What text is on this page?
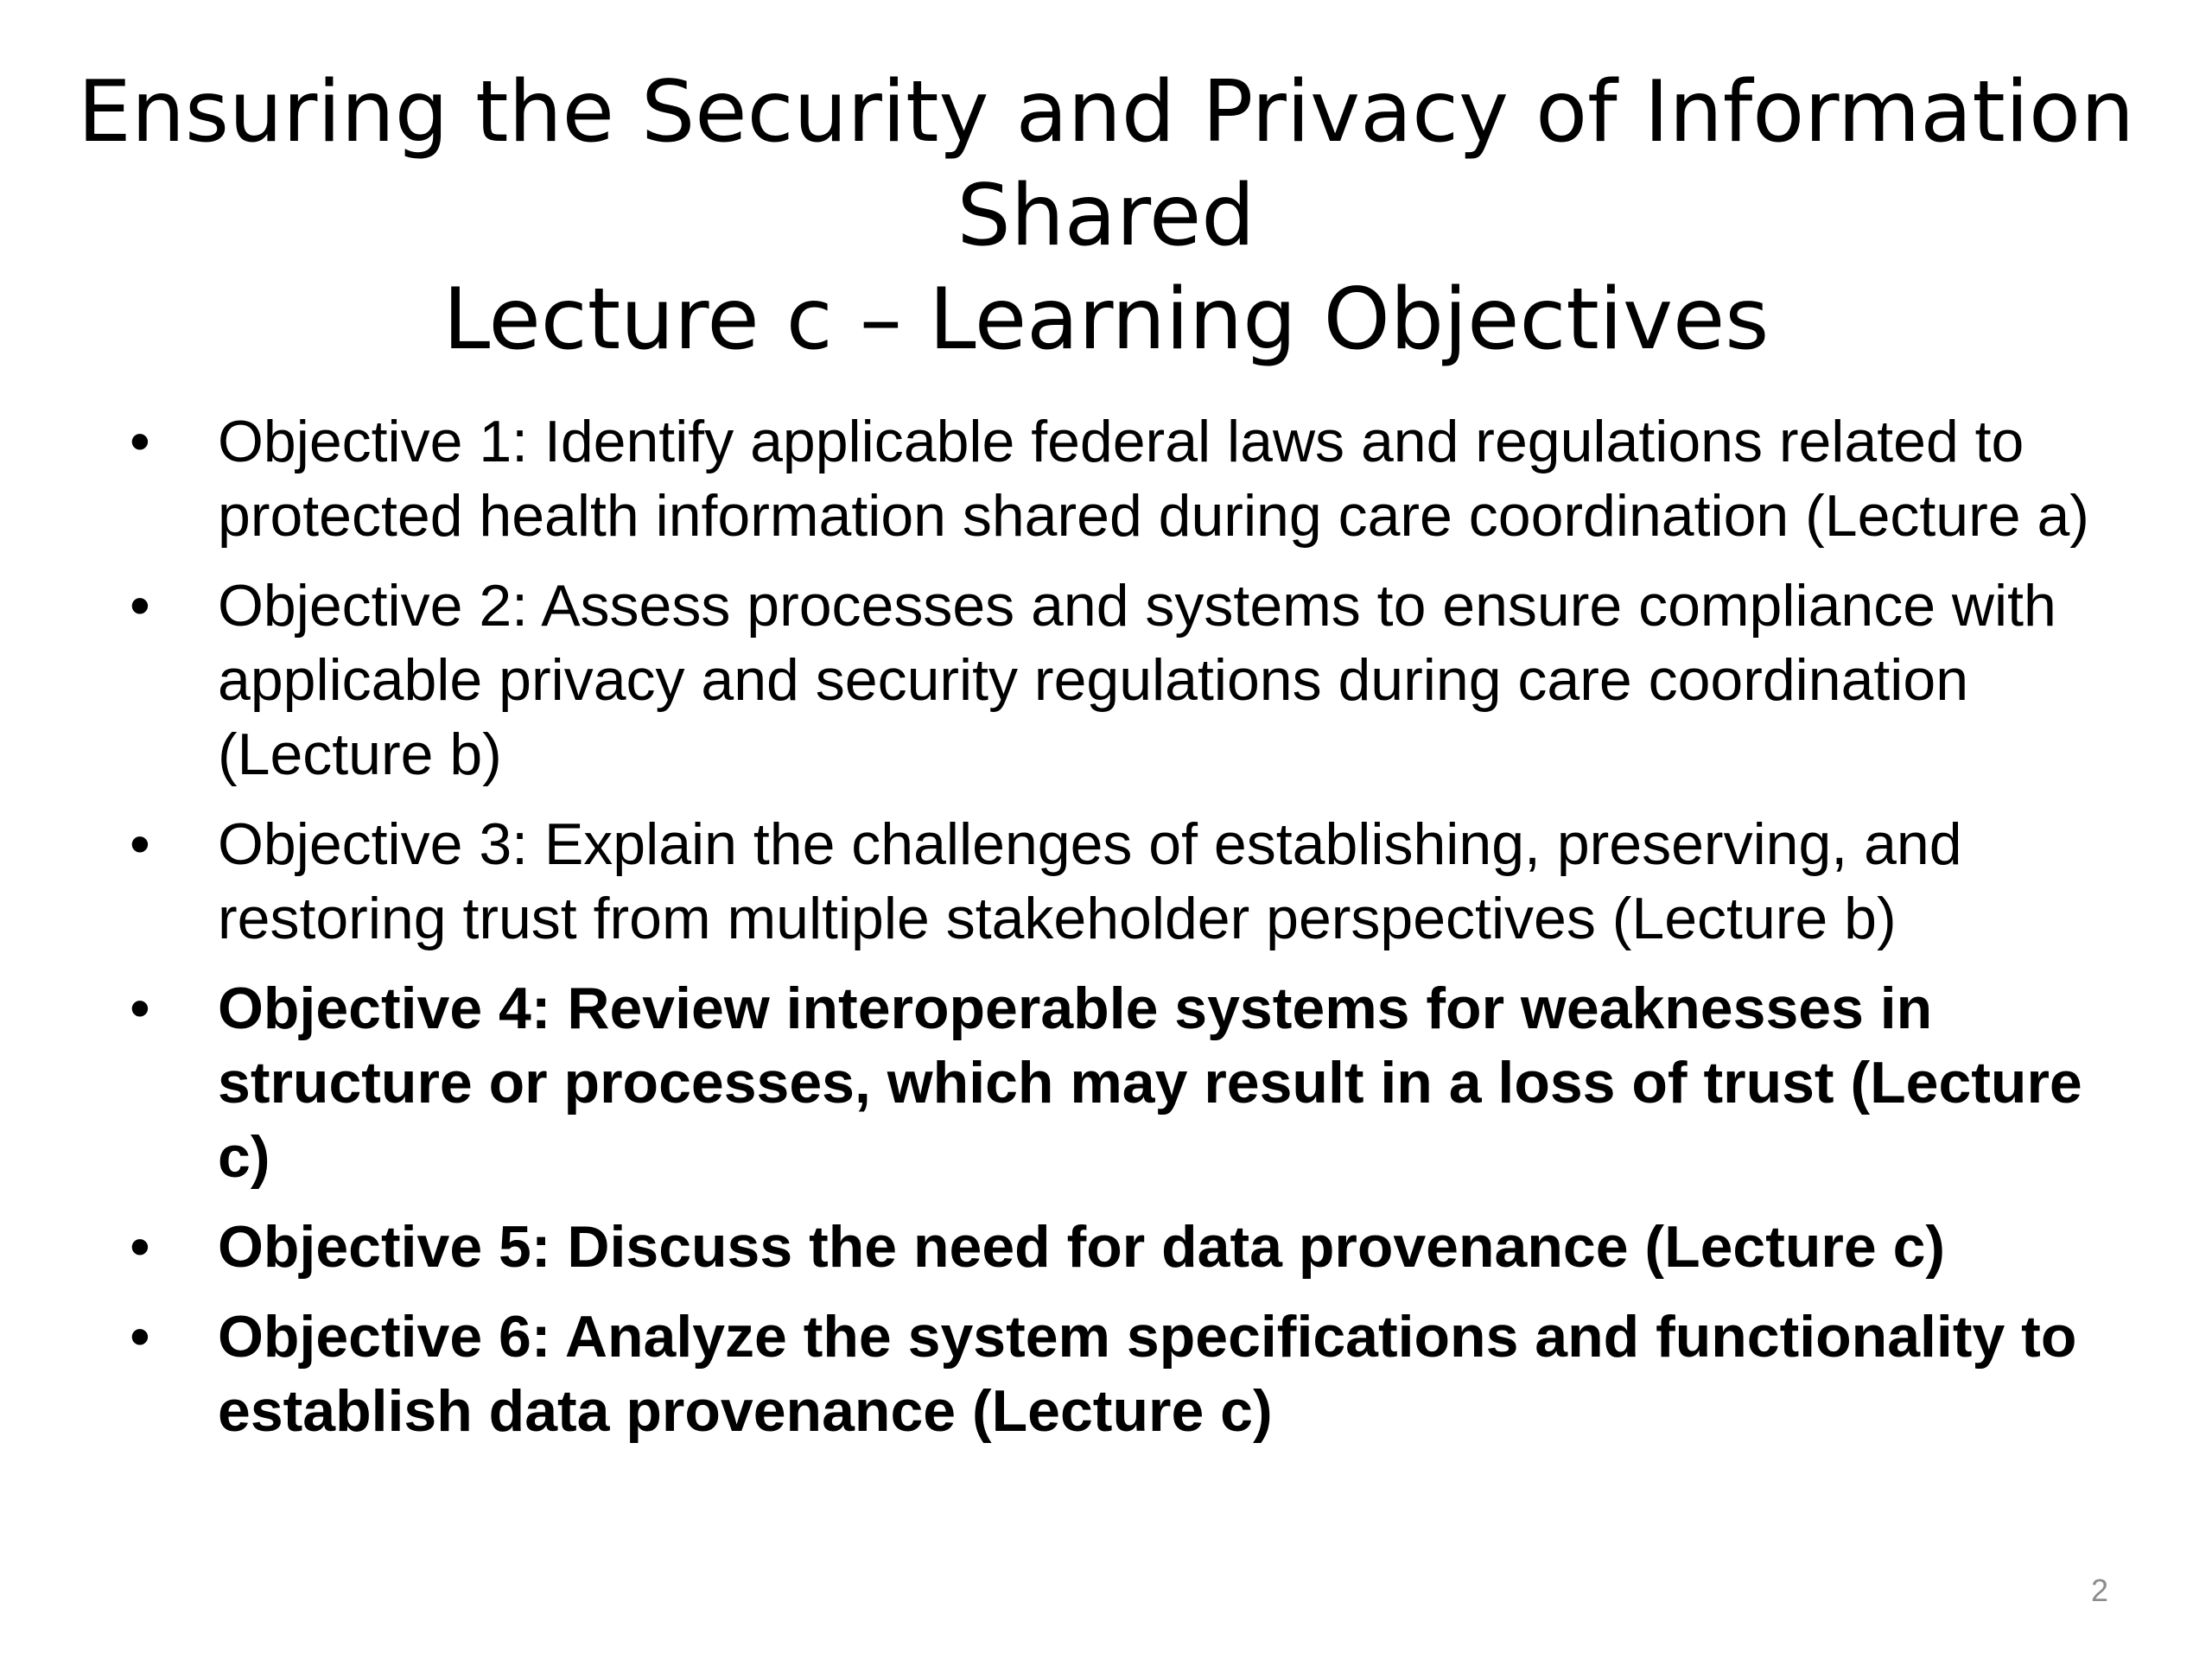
Ensuring the Security and Privacy of Information
Shared
Lecture c – Learning Objectives
•	Objective 1: Identify applicable federal laws and regulations related to protected health information shared during care coordination (Lecture a)
•	Objective 2: Assess processes and systems to ensure compliance with applicable privacy and security regulations during care coordination (Lecture b)
•	Objective 3: Explain the challenges of establishing, preserving, and restoring trust from multiple stakeholder perspectives (Lecture b)
•	Objective 4: Review interoperable systems for weaknesses in structure or processes, which may result in a loss of trust (Lecture c)
•	Objective 5: Discuss the need for data provenance (Lecture c)
•	Objective 6: Analyze the system specifications and functionality to establish data provenance (Lecture c)
2
